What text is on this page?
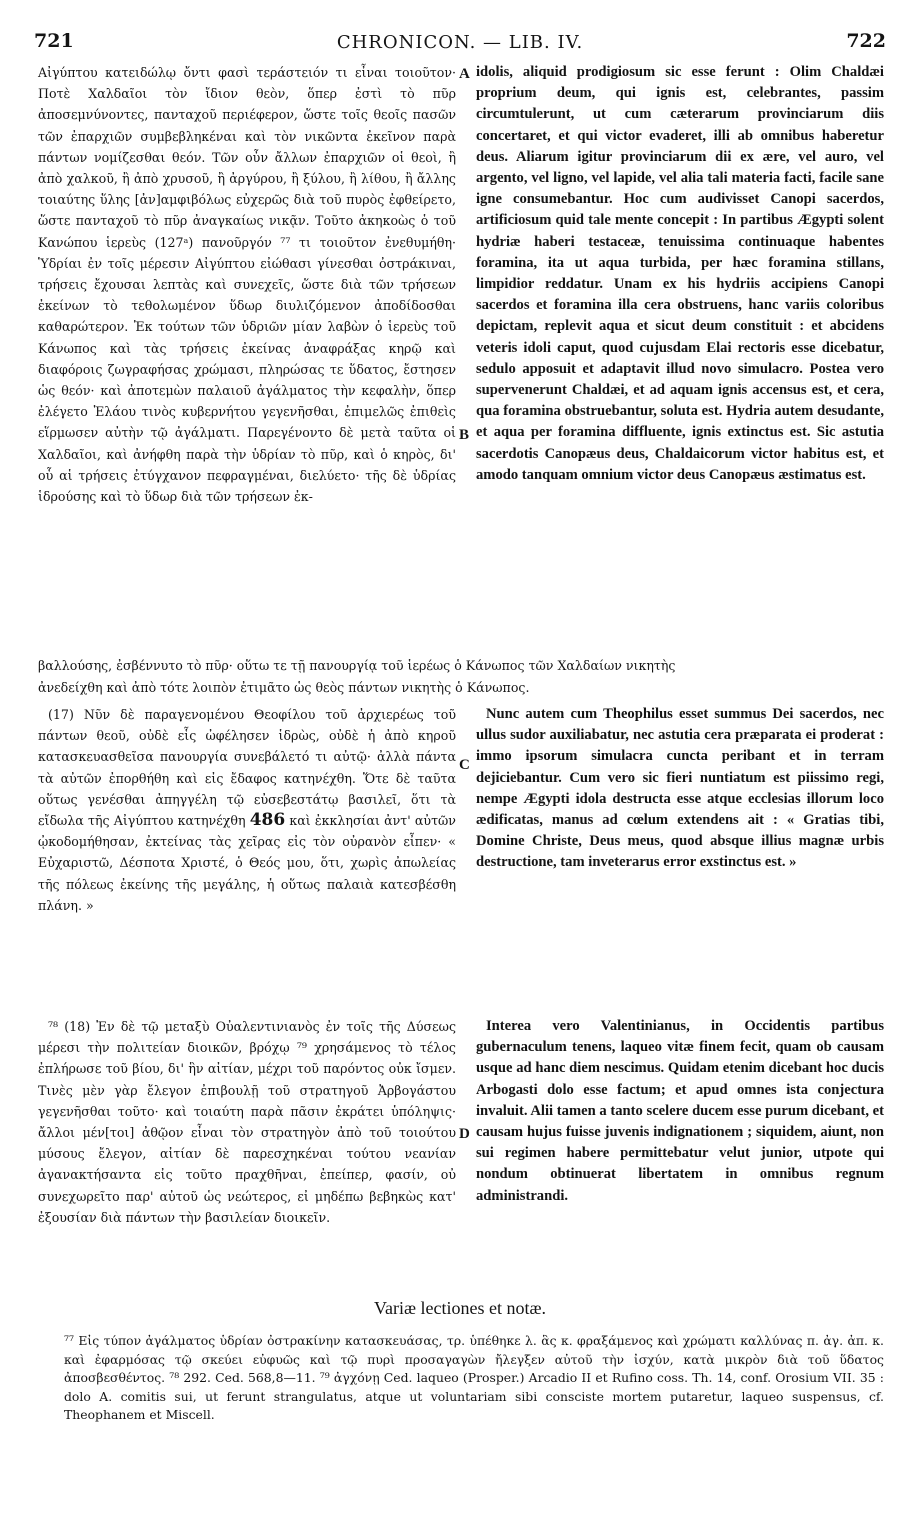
721	CHRONICON. — LIB. IV.	722

Αἰγύπτου κατειδώλῳ ὄντι φασὶ τεράστειόν τι εἶναι τοιοῦτον· Ποτὲ Χαλδαῖοι τὸν ἴδιον θεὸν, ὅπερ ἐστὶ τὸ πῦρ ἀποσεμνύνοντες, πανταχοῦ περιέφερον, ὥστε τοῖς θεοῖς πασῶν τῶν ἐπαρχιῶν συμβεβληκέναι καὶ τὸν νικῶντα ἐκεῖνον παρὰ πάντων νομίζεσθαι θεόν. Τῶν οὖν ἄλλων ἐπαρχιῶν οἱ θεοὶ, ἢ ἀπὸ χαλκοῦ, ἢ ἀπὸ χρυσοῦ, ἢ ἀργύρου, ἢ ξύλου, ἢ λίθου, ἢ ἄλλης τοιαύτης ὕλης [ἀν]αμφιβόλως εὐχερῶς διὰ τοῦ πυρὸς ἐφθείρετο, ὥστε πανταχοῦ τὸ πῦρ ἀναγκαίως νικᾷν. Τοῦτο ἀκηκοὼς ὁ τοῦ Κανώπου ἱερεὺς (127ᵃ) πανοῦργόν ⁷⁷ τι τοιοῦτον ἐνεθυμήθη· Ὑδρίαι ἐν τοῖς μέρεσιν Αἰγύπτου εἰώθασι γίνεσθαι ὀστράκιναι, τρήσεις ἔχουσαι λεπτὰς καὶ συνεχεῖς, ὥστε διὰ τῶν τρήσεων ἐκείνων τὸ τεθολωμένον ὕδωρ διυλιζόμενον ἀποδίδοσθαι καθαρώτερον. Ἐκ τούτων τῶν ὑδριῶν μίαν λαβὼν ὁ ἱερεὺς τοῦ Κάνωπος καὶ τὰς τρήσεις ἐκείνας ἀναφράξας κηρῷ καὶ διαφόροις ζωγραφήσας χρώμασι, πληρώσας τε ὕδατος, ἔστησεν ὡς θεόν· καὶ ἀποτεμὼν παλαιοῦ ἀγάλματος τὴν κεφαλὴν, ὅπερ ἐλέγετο Ἐλάου τινὸς κυβερνήτου γεγενῆσθαι, ἐπιμελῶς ἐπιθεὶς εἵρμωσεν αὐτὴν τῷ ἀγάλματι. Παρεγένοντο δὲ μετὰ ταῦτα οἱ Χαλδαῖοι, καὶ ἀνήφθη παρὰ τὴν ὑδρίαν τὸ πῦρ, καὶ ὁ κηρὸς, δι' οὗ αἱ τρήσεις ἐτύγχανον πεφραγμέναι, διελύετο· τῆς δὲ ὑδρίας ἱδρούσης καὶ τὸ ὕδωρ διὰ τῶν τρήσεων ἐκ-

idolis, aliquid prodigiosum sic esse ferunt : Olim Chaldæi proprium deum, qui ignis est, celebrantes, passim circumtulerunt, ut cum cæterarum provinciarum diis concertaret, et qui victor evaderet, illi ab omnibus haberetur deus. Aliarum igitur provinciarum dii ex ære, vel auro, vel argento, vel ligno, vel lapide, vel alia tali materia facti, facile sane igne consumebantur. Hoc cum audivisset Canopi sacerdos, artificiosum quid tale mente concepit : In partibus Ægypti solent hydriæ haberi testaceæ, tenuissima continuaque habentes foramina, ita ut aqua turbida, per hæc foramina stillans, limpidior reddatur. Unam ex his hydriis accipiens Canopi sacerdos et foramina illa cera obstruens, hanc variis coloribus depictam, replevit aqua et sicut deum constituit : et abcidens veteris idoli caput, quod cujusdam Elai rectoris esse dicebatur, sedulo apposuit et adaptavit illud novo simulacro. Postea vero supervenerunt Chaldæi, et ad aquam ignis accensus est, et cera, qua foramina obstruebantur, soluta est. Hydria autem desudante, et aqua per foramina diffluente, ignis extinctus est. Sic astutia sacerdotis Canopæus deus, Chaldaicorum victor habitus est, et amodo tanquam omnium victor deus Canopæus æstimatus est.

βαλλούσης, ἐσβέννυτο τὸ πῦρ· οὕτω τε τῇ πανουργίᾳ τοῦ ἱερέως ὁ Κάνωπος τῶν Χαλδαίων νικητὴς
ἀνεδείχθη καὶ ἀπὸ τότε λοιπὸν ἐτιμᾶτο ὡς θεὸς πάντων νικητὴς ὁ Κάνωπος.

(17) Νῦν δὲ παραγενομένου Θεοφίλου τοῦ ἀρχιερέως τοῦ πάντων θεοῦ, οὐδὲ εἷς ὠφέλησεν ἱδρὼς, οὐδὲ ἡ ἀπὸ κηροῦ κατασκευασθεῖσα πανουργία συνεβάλετό τι αὐτῷ· ἀλλὰ πάντα τὰ αὐτῶν ἐπορθήθη καὶ εἰς ἔδαφος κατηνέχθη. Ὅτε δὲ ταῦτα οὕτως γενέσθαι ἀπηγγέλη τῷ εὐσεβεστάτῳ βασιλεῖ, ὅτι τὰ εἴδωλα τῆς Αἰγύπτου κατηνέχθη 486 καὶ ἐκκλησίαι ἀντ' αὐτῶν ᾠκοδομήθησαν, ἐκτείνας τὰς χεῖρας εἰς τὸν οὐρανὸν εἶπεν· « Εὐχαριστῶ, Δέσποτα Χριστέ, ὁ Θεός μου, ὅτι, χωρὶς ἀπωλείας τῆς πόλεως ἐκείνης τῆς μεγάλης, ἡ οὕτως παλαιὰ κατεσβέσθη πλάνη. »

Nunc autem cum Theophilus esset summus Dei sacerdos, nec ullus sudor auxiliabatur, nec astutia cera præparata ei proderat : immo ipsorum simulacra cuncta peribant et in terram dejiciebantur. Cum vero sic fieri nuntiatum est piissimo regi, nempe Ægypti idola destructa esse atque ecclesias illorum loco ædificatas, manus ad cœlum extendens ait : « Gratias tibi, Domine Christe, Deus meus, quod absque illius magnæ urbis destructione, tam inveterarus error exstinctus est. »

⁷⁸ (18) Ἐν δὲ τῷ μεταξὺ Οὐαλεντινιανὸς ἐν τοῖς τῆς Δύσεως μέρεσι τὴν πολιτείαν διοικῶν, βρόχῳ ⁷⁹ χρησάμενος τὸ τέλος ἐπλήρωσε τοῦ βίου, δι' ἣν αἰτίαν, μέχρι τοῦ παρόντος οὐκ ἴσμεν. Τινὲς μὲν γὰρ ἔλεγον ἐπιβουλῇ τοῦ στρατηγοῦ Ἀρβογάστου γεγενῆσθαι τοῦτο· καὶ τοιαύτη παρὰ πᾶσιν ἐκράτει ὑπόληψις· ἄλλοι μέν[τοι] ἀθῷον εἶναι τὸν στρατηγὸν ἀπὸ τοῦ τοιούτου μύσους ἔλεγον, αἰτίαν δὲ παρεσχηκέναι τούτου νεανίαν ἀγανακτήσαντα εἰς τοῦτο πραχθῆναι, ἐπείπερ, φασίν, οὐ συνεχωρεῖτο παρ' αὐτοῦ ὡς νεώτερος, εἰ μηδέπω βεβηκὼς κατ' ἐξουσίαν διὰ πάντων τὴν βασιλείαν διοικεῖν.

Interea vero Valentinianus, in Occidentis partibus gubernaculum tenens, laqueo vitæ finem fecit, quam ob causam usque ad hanc diem nescimus. Quidam etenim dicebant hoc ducis Arbogasti dolo esse factum; et apud omnes ista conjectura invaluit. Alii tamen a tanto scelere ducem esse purum dicebant, et causam hujus fuisse juvenis indignationem ; siquidem, aiunt, non sui regimen habere permittebatur velut junior, utpote qui nondum obtinuerat libertatem in omnibus regnum administrandi.

A
B
C
D
Variæ lectiones et notæ.

⁷⁷ Εἰς τύπον ἀγάλματος ὑδρίαν ὀστρακίνην κατασκευάσας, τρ. ὑπέθηκε λ. ἃς κ. φραξάμενος καὶ χρώματι καλλύνας π. ἀγ. ἀπ. κ. καὶ ἐφαρμόσας τῷ σκεύει εὐφυῶς καὶ τῷ πυρὶ προσαγαγὼν ἤλεγξεν αὐτοῦ τὴν ἰσχύν, κατὰ μικρὸν διὰ τοῦ ὕδατος ἀποσβεσθέντος. ⁷⁸ 292. Ced. 568,8—11. ⁷⁹ ἀγχόνῃ Ced. laqueo (Prosper.) Arcadio II et Rufino coss. Th. 14, conf. Orosium VII. 35 : dolo A. comitis sui, ut ferunt strangulatus, atque ut voluntariam sibi consciste mortem putaretur, laqueo suspensus, cf. Theophanem et Miscell.
